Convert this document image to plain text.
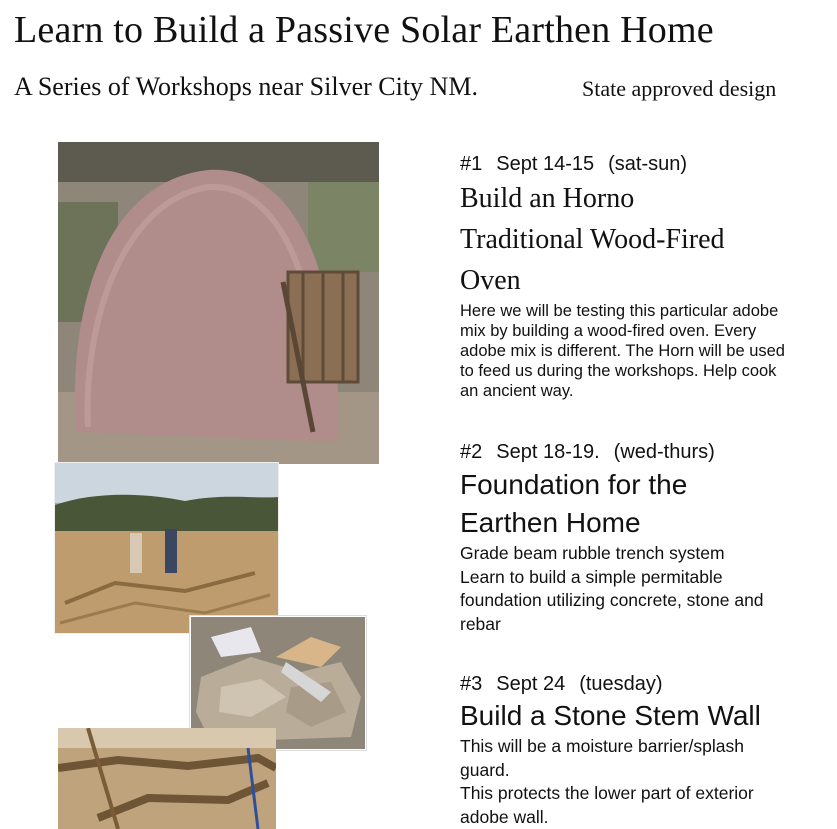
Learn to Build a Passive Solar Earthen Home
A Series of Workshops near Silver City NM.	State approved design
#1 Sept 14-15 (sat-sun)
Build an Horno
Traditional Wood-Fired
Oven
Here we will be testing this particular adobe
mix by building a wood-fired oven. Every
adobe mix is different. The Horn will be used
to feed us during the workshops. Help cook
an ancient way.
#2 Sept 18-19. (wed-thurs)
Foundation for the
Earthen Home
Grade beam rubble trench system
Learn to build a simple permitable
foundation utilizing concrete, stone and
rebar
#3 Sept 24 (tuesday)
Build a Stone Stem Wall
This will be a moisture barrier/splash
guard.
This protects the lower part of exterior
adobe wall.
